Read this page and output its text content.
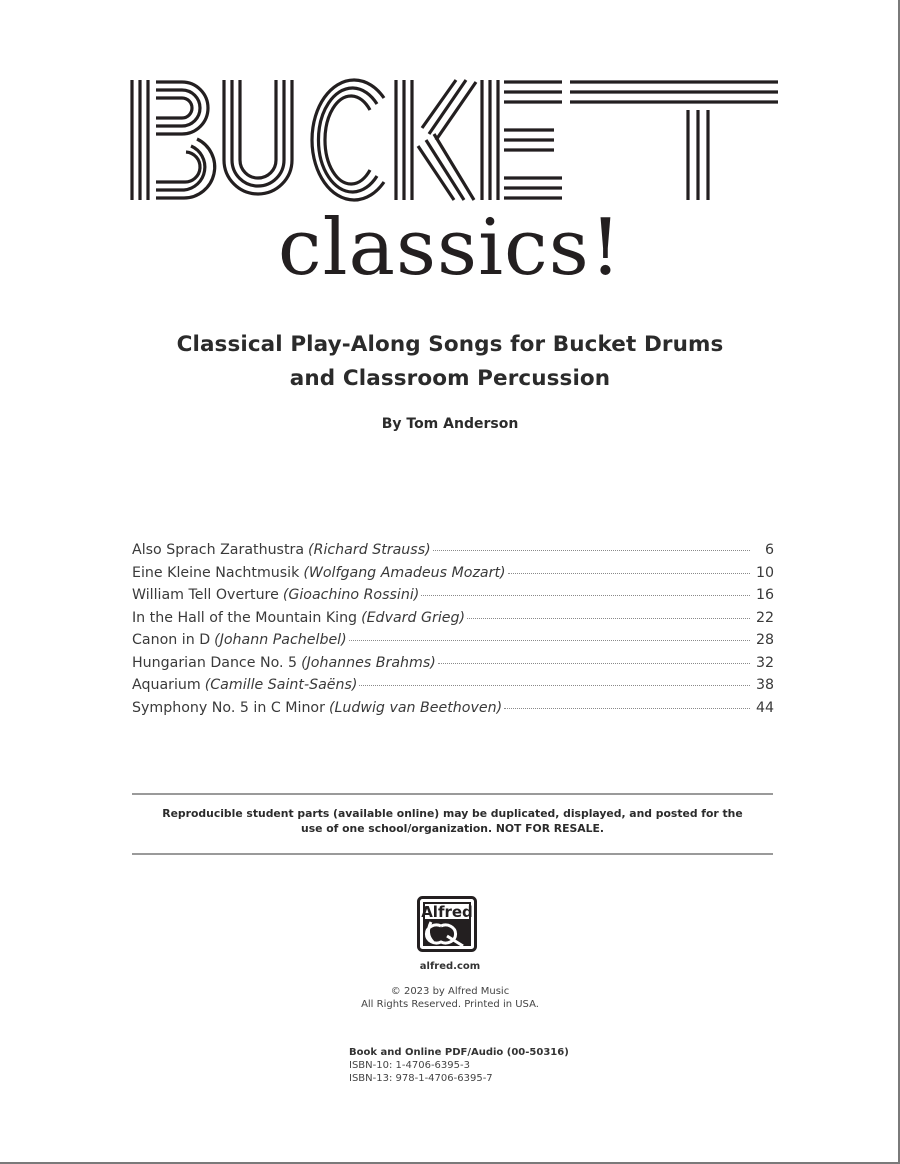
classics!
Classical Play-Along Songs for Bucket Drums
and Classroom Percussion
By Tom Anderson
Also Sprach Zarathustra (Richard Strauss)	6
Eine Kleine Nachtmusik (Wolfgang Amadeus Mozart)	10
William Tell Overture (Gioachino Rossini)	16
In the Hall of the Mountain King (Edvard Grieg)	22
Canon in D (Johann Pachelbel)	28
Hungarian Dance No. 5 (Johannes Brahms)	32
Aquarium (Camille Saint-Saëns)	38
Symphony No. 5 in C Minor (Ludwig van Beethoven)	44
Reproducible student parts (available online) may be duplicated, displayed, and posted for the
use of one school/organization. NOT FOR RESALE.
Alfred
alfred.com
© 2023 by Alfred Music
All Rights Reserved. Printed in USA.
Book and Online PDF/Audio (00-50316)
ISBN-10: 1-4706-6395-3
ISBN-13: 978-1-4706-6395-7
